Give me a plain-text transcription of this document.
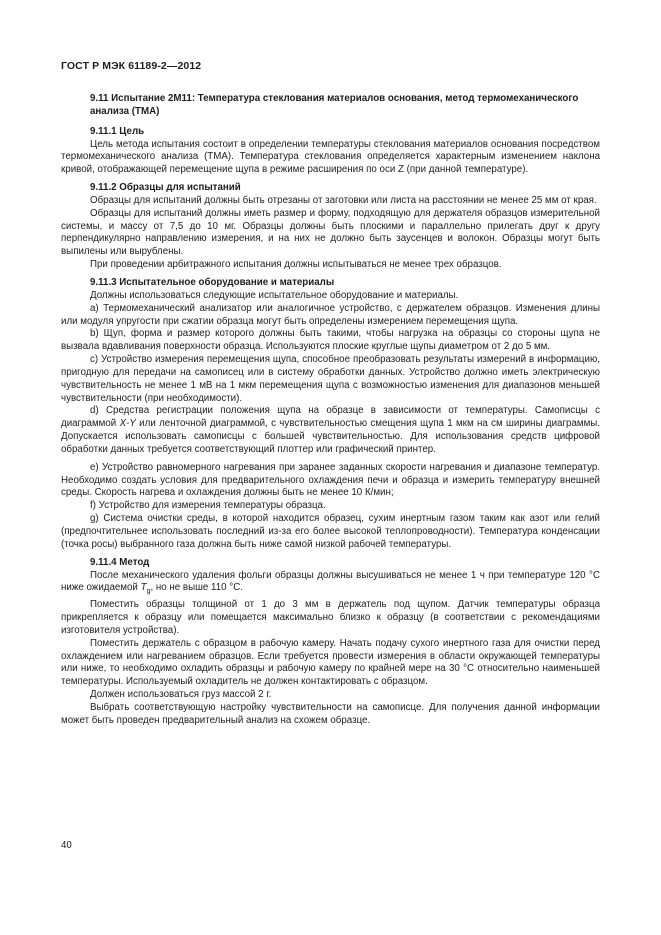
ГОСТ Р МЭК 61189-2—2012
9.11 Испытание 2М11: Температура стеклования материалов основания, метод термомеханического анализа (ТМА)
9.11.1 Цель

Цель метода испытания состоит в определении температуры стеклования материалов основания посредством термомеханического анализа (ТМА). Температура стеклования определяется характерным изменением наклона кривой, отображающей перемещение щупа в режиме расширения по оси Z (при данной температуре).

9.11.2 Образцы для испытаний

Образцы для испытаний должны быть отрезаны от заготовки или листа на расстоянии не менее 25 мм от края.

Образцы для испытаний должны иметь размер и форму, подходящую для держателя образцов измерительной системы, и массу от 7,5 до 10 мг. Образцы должны быть плоскими и параллельно прилегать друг к другу перпендикулярно направлению измерения, и на них не должно быть заусенцев и волокон. Образцы могут быть выпилены или вырублены.

При проведении арбитражного испытания должны испытываться не менее трех образцов.

9.11.3 Испытательное оборудование и материалы

Должны использоваться следующие испытательное оборудование и материалы.

а) Термомеханический анализатор или аналогичное устройство, с держателем образцов. Изменения длины или модуля упругости при сжатии образца могут быть определены измерением перемещения щупа.

b) Щуп, форма и размер которого должны быть такими, чтобы нагрузка на образцы со стороны щупа не вызвала вдавливания поверхности образца. Используются плоские круглые щупы диаметром от 2 до 5 мм.

c) Устройство измерения перемещения щупа, способное преобразовать результаты измерений в информацию, пригодную для передачи на самописец или в систему обработки данных. Устройство должно иметь электрическую чувствительность не менее 1 мВ на 1 мкм перемещения щупа с возможностью изменения для диапазонов меньшей чувствительности (при необходимости).

d) Средства регистрации положения щупа на образце в зависимости от температуры. Самописцы с диаграммой X-Y или ленточной диаграммой, с чувствительностью смещения щупа 1 мкм на см ширины диаграммы. Допускается использовать самописцы с большей чувствительностью. Для использования средств цифровой обработки данных требуется соответствующий плоттер или графический принтер.

e) Устройство равномерного нагревания при заранее заданных скорости нагревания и диапазоне температур. Необходимо создать условия для предварительного охлаждения печи и образца и измерить температуру внешней среды. Скорость нагрева и охлаждения должны быть не менее 10 К/мин;

f) Устройство для измерения температуры образца.

g) Система очистки среды, в которой находится образец, сухим инертным газом таким как азот или гелий (предпочтительнее использовать последний из-за его более высокой теплопроводности). Температура конденсации (точка росы) выбранного газа должна быть ниже самой низкой рабочей температуры.

9.11.4 Метод

После механического удаления фольги образцы должны высушиваться не менее 1 ч при температуре 120 °С ниже ожидаемой $T_g$, но не выше 110 °С.

Поместить образцы толщиной от 1 до 3 мм в держатель под щупом. Датчик температуры образца прикрепляется к образцу или помещается максимально близко к образцу (в соответствии с рекомендациями изготовителя устройства).

Поместить держатель с образцом в рабочую камеру. Начать подачу сухого инертного газа для очистки перед охлаждением или нагреванием образцов. Если требуется провести измерения в области окружающей температуры или ниже, то необходимо охладить образцы и рабочую камеру по крайней мере на 30 °С относительно наименьшей температуры. Используемый охладитель не должен контактировать с образцом.

Должен использоваться груз массой 2 г.

Выбрать соответствующую настройку чувствительности на самописце. Для получения данной информации может быть проведен предварительный анализ на схожем образце.

40
